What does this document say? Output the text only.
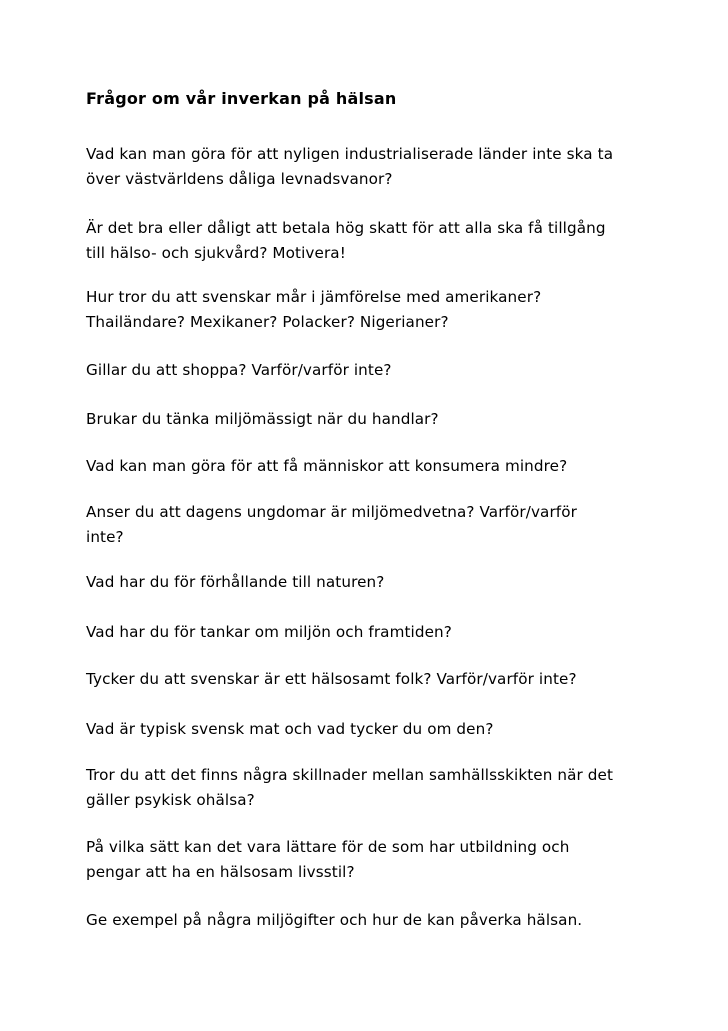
Frågor om vår inverkan på hälsan

Vad kan man göra för att nyligen industrialiserade länder inte ska ta
över västvärldens dåliga levnadsvanor?

Är det bra eller dåligt att betala hög skatt för att alla ska få tillgång
till hälso- och sjukvård? Motivera!

Hur tror du att svenskar mår i jämförelse med amerikaner?
Thailändare? Mexikaner? Polacker? Nigerianer?

Gillar du att shoppa? Varför/varför inte?

Brukar du tänka miljömässigt när du handlar?

Vad kan man göra för att få människor att konsumera mindre?

Anser du att dagens ungdomar är miljömedvetna? Varför/varför
inte?

Vad har du för förhållande till naturen?

Vad har du för tankar om miljön och framtiden?

Tycker du att svenskar är ett hälsosamt folk? Varför/varför inte?

Vad är typisk svensk mat och vad tycker du om den?

Tror du att det finns några skillnader mellan samhällsskikten när det
gäller psykisk ohälsa?

På vilka sätt kan det vara lättare för de som har utbildning och
pengar att ha en hälsosam livsstil?

Ge exempel på några miljögifter och hur de kan påverka hälsan.
